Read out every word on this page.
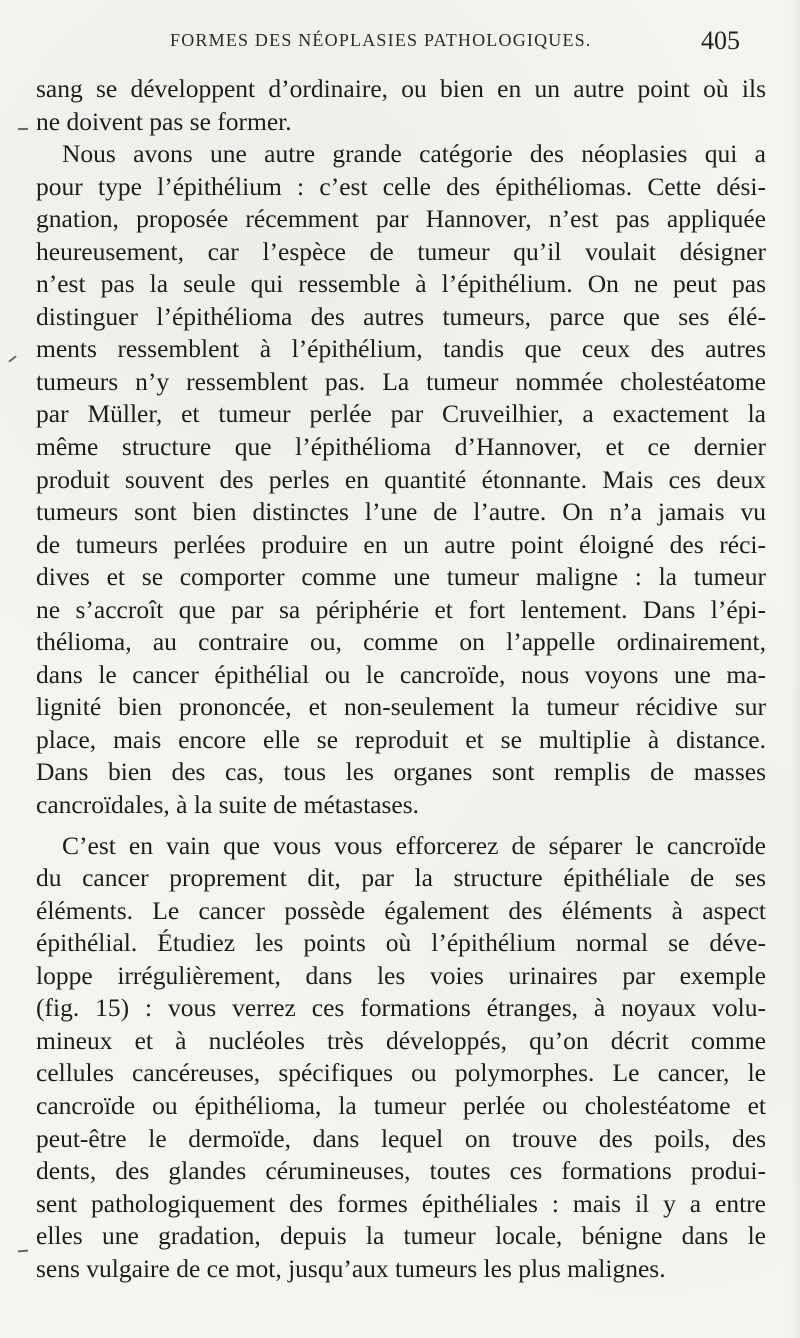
FORMES DES NÉOPLASIES PATHOLOGIQUES.	405
sang se développent d’ordinaire, ou bien en un autre point où ils
ne doivent pas se former.
Nous avons une autre grande catégorie des néoplasies qui a
pour type l’épithélium : c’est celle des épithéliomas. Cette dési-
gnation, proposée récemment par Hannover, n’est pas appliquée
heureusement, car l’espèce de tumeur qu’il voulait désigner
n’est pas la seule qui ressemble à l’épithélium. On ne peut pas
distinguer l’épithélioma des autres tumeurs, parce que ses élé-
ments ressemblent à l’épithélium, tandis que ceux des autres
tumeurs n’y ressemblent pas. La tumeur nommée cholestéatome
par Müller, et tumeur perlée par Cruveilhier, a exactement la
même structure que l’épithélioma d’Hannover, et ce dernier
produit souvent des perles en quantité étonnante. Mais ces deux
tumeurs sont bien distinctes l’une de l’autre. On n’a jamais vu
de tumeurs perlées produire en un autre point éloigné des réci-
dives et se comporter comme une tumeur maligne : la tumeur
ne s’accroît que par sa périphérie et fort lentement. Dans l’épi-
thélioma, au contraire ou, comme on l’appelle ordinairement,
dans le cancer épithélial ou le cancroïde, nous voyons une ma-
lignité bien prononcée, et non-seulement la tumeur récidive sur
place, mais encore elle se reproduit et se multiplie à distance.
Dans bien des cas, tous les organes sont remplis de masses
cancroïdales, à la suite de métastases.
C’est en vain que vous vous efforcerez de séparer le cancroïde
du cancer proprement dit, par la structure épithéliale de ses
éléments. Le cancer possède également des éléments à aspect
épithélial. Étudiez les points où l’épithélium normal se déve-
loppe irrégulièrement, dans les voies urinaires par exemple
(fig. 15) : vous verrez ces formations étranges, à noyaux volu-
mineux et à nucléoles très développés, qu’on décrit comme
cellules cancéreuses, spécifiques ou polymorphes. Le cancer, le
cancroïde ou épithélioma, la tumeur perlée ou cholestéatome et
peut-être le dermoïde, dans lequel on trouve des poils, des
dents, des glandes cérumineuses, toutes ces formations produi-
sent pathologiquement des formes épithéliales : mais il y a entre
elles une gradation, depuis la tumeur locale, bénigne dans le
sens vulgaire de ce mot, jusqu’aux tumeurs les plus malignes.
